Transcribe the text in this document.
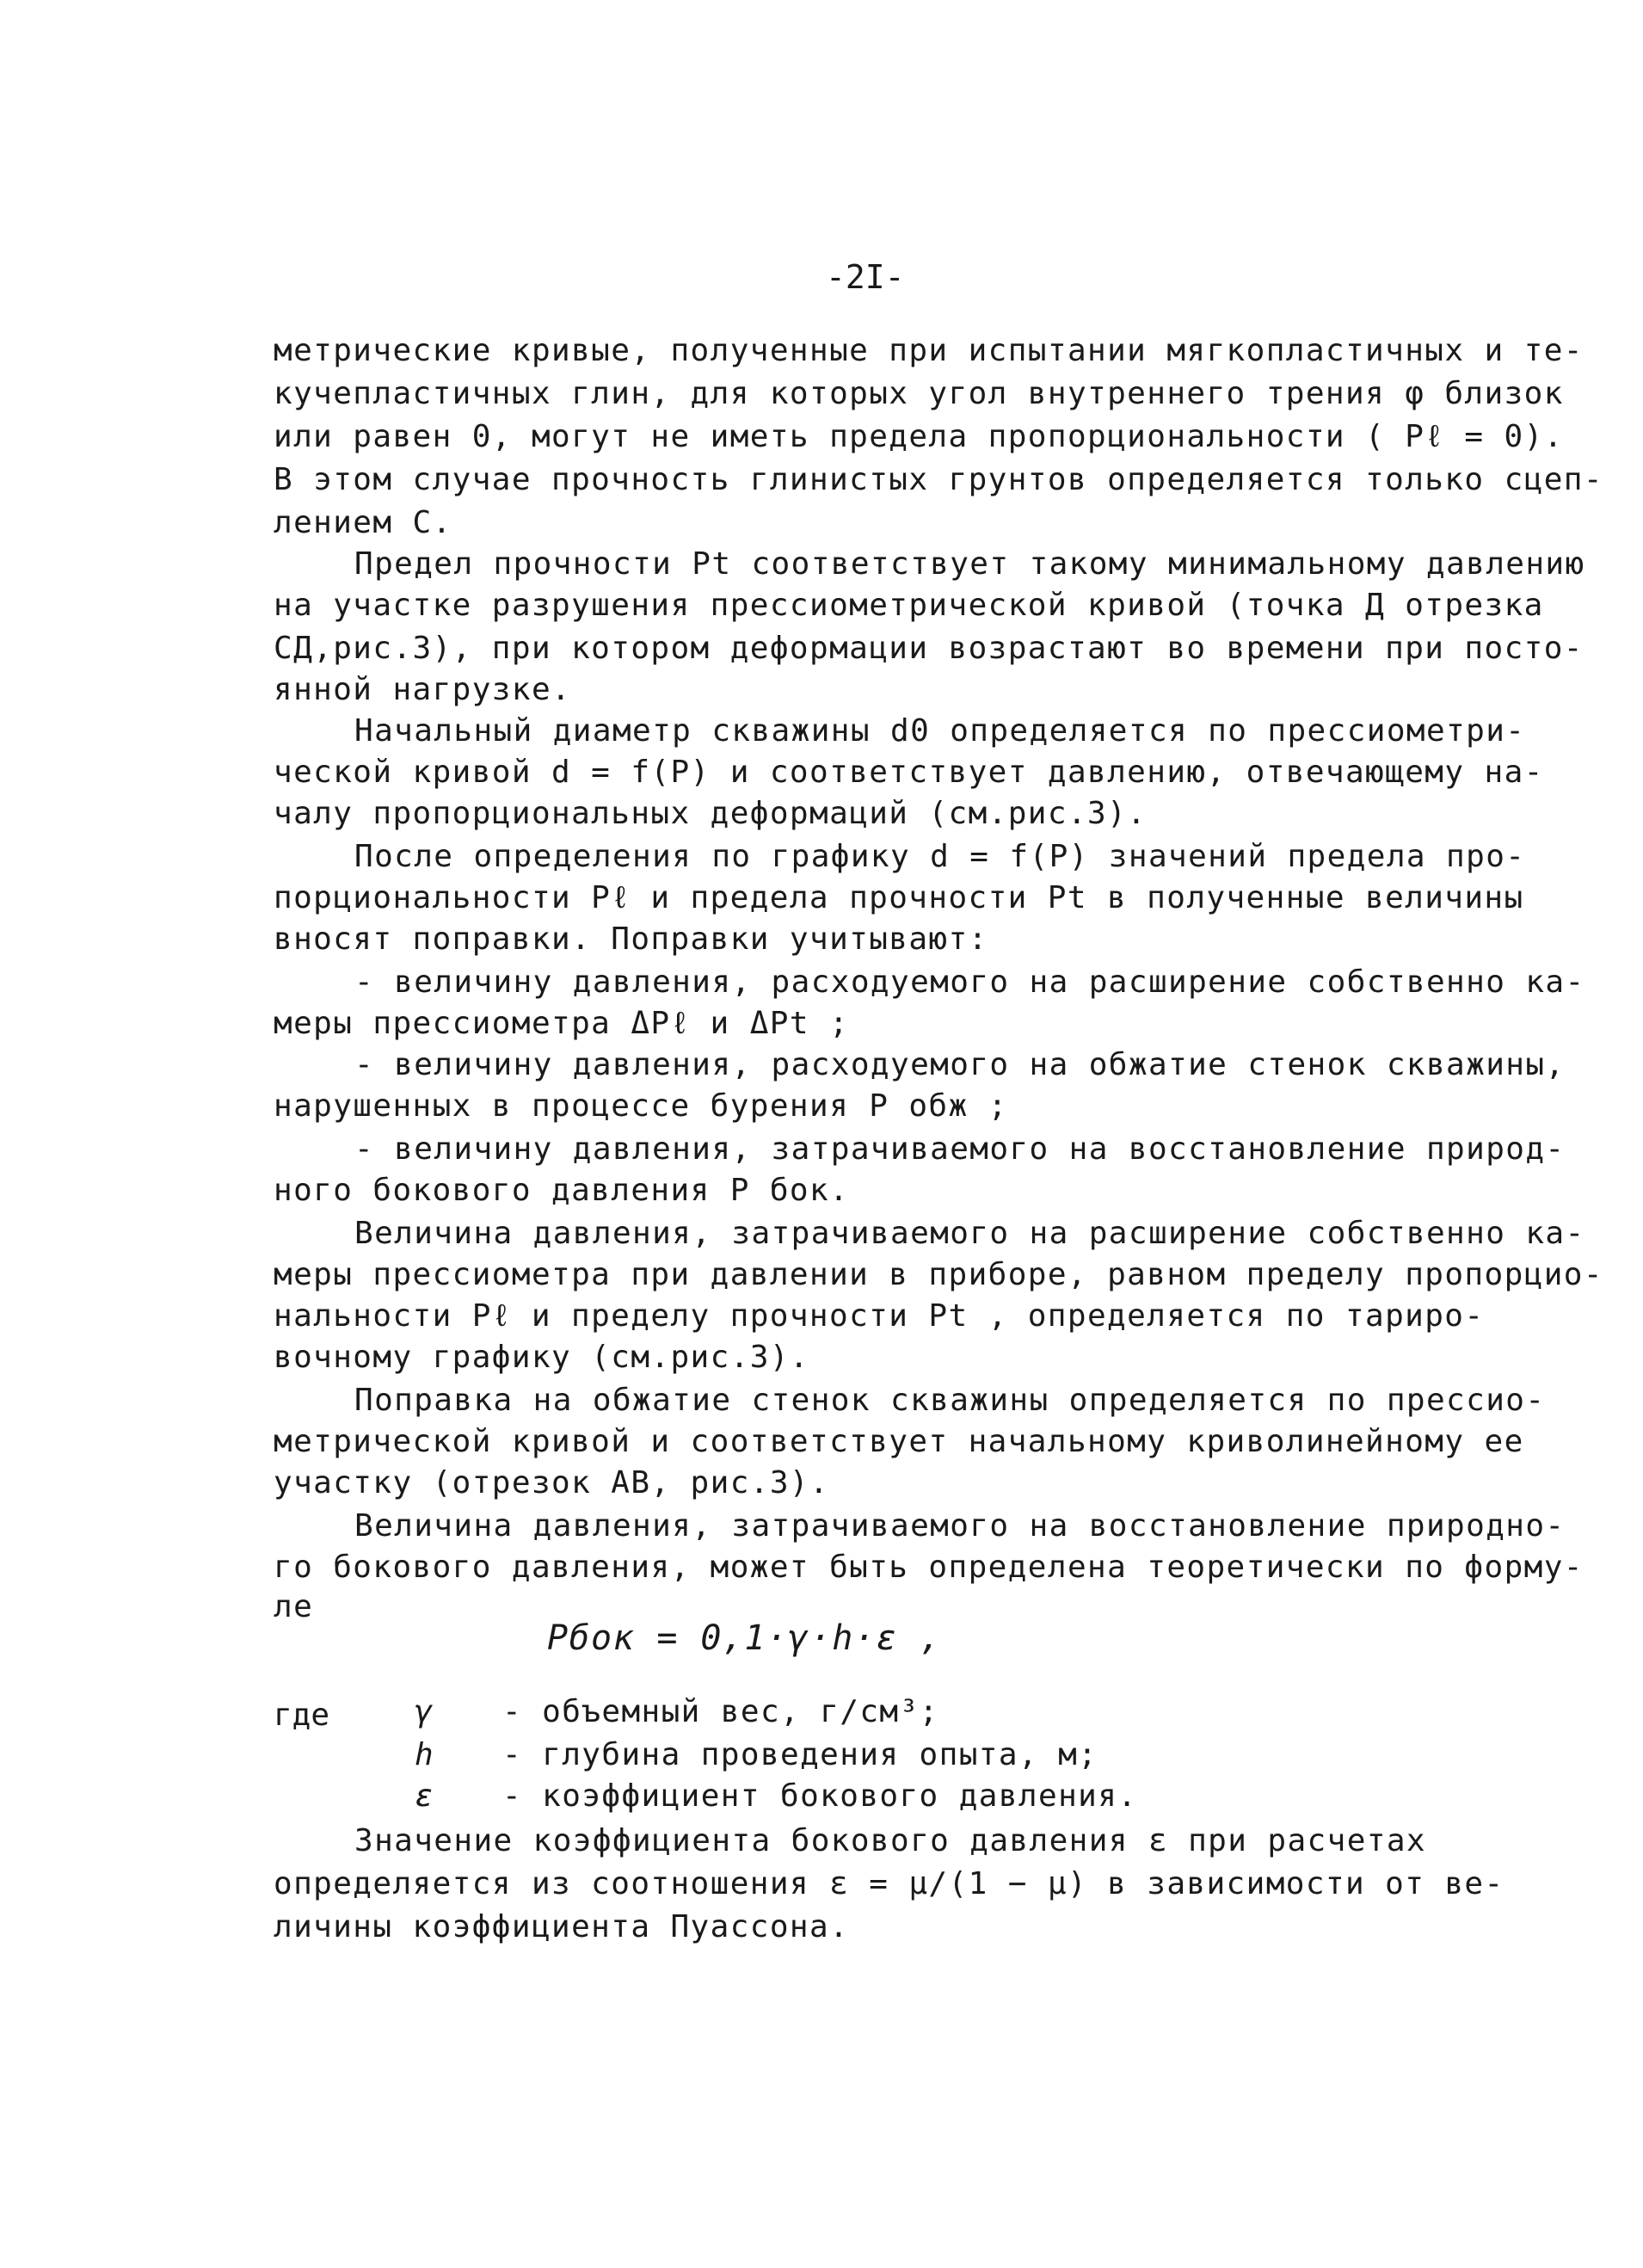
-2I-
метрические кривые, полученные при испытании мягкопластичных и те-
кучепластичных глин, для которых угол внутреннего трения φ близок
или равен 0, могут не иметь предела пропорциональности ( Pℓ = 0).
В этом случае прочность глинистых грунтов определяется только сцеп-
лением С.
Предел прочности Pt соответствует такому минимальному давлению
на участке разрушения прессиометрической кривой (точка Д отрезка
СД,рис.3), при котором деформации возрастают во времени при посто-
янной нагрузке.
Начальный диаметр скважины d0 определяется по прессиометри-
ческой кривой d = f(P) и соответствует давлению, отвечающему на-
чалу пропорциональных деформаций (см.рис.3).
После определения по графику d = f(P) значений предела про-
порциональности Pℓ и предела прочности Pt в полученные величины
вносят поправки. Поправки учитывают:
- величину давления, расходуемого на расширение собственно ка-
меры прессиометра ΔPℓ и ΔPt ;
- величину давления, расходуемого на обжатие стенок скважины,
нарушенных в процессе бурения P обж ;
- величину давления, затрачиваемого на восстановление природ-
ного бокового давления P бок.
Величина давления, затрачиваемого на расширение собственно ка-
меры прессиометра при давлении в приборе, равном пределу пропорцио-
нальности Pℓ и пределу прочности Pt , определяется по тариро-
вочному графику (см.рис.3).
Поправка на обжатие стенок скважины определяется по прессио-
метрической кривой и соответствует начальному криволинейному ее
участку (отрезок АВ, рис.3).
Величина давления, затрачиваемого на восстановление природно-
го бокового давления, может быть определена теоретически по форму-
ле
Pбок = 0,1·γ·h·ε ,
где	γ - объемный вес, г/см³;
h - глубина проведения опыта, м;
ε - коэффициент бокового давления.
Значение коэффициента бокового давления ε при расчетах
определяется из соотношения ε = μ/(1 − μ) в зависимости от ве-
личины коэффициента Пуассона.
